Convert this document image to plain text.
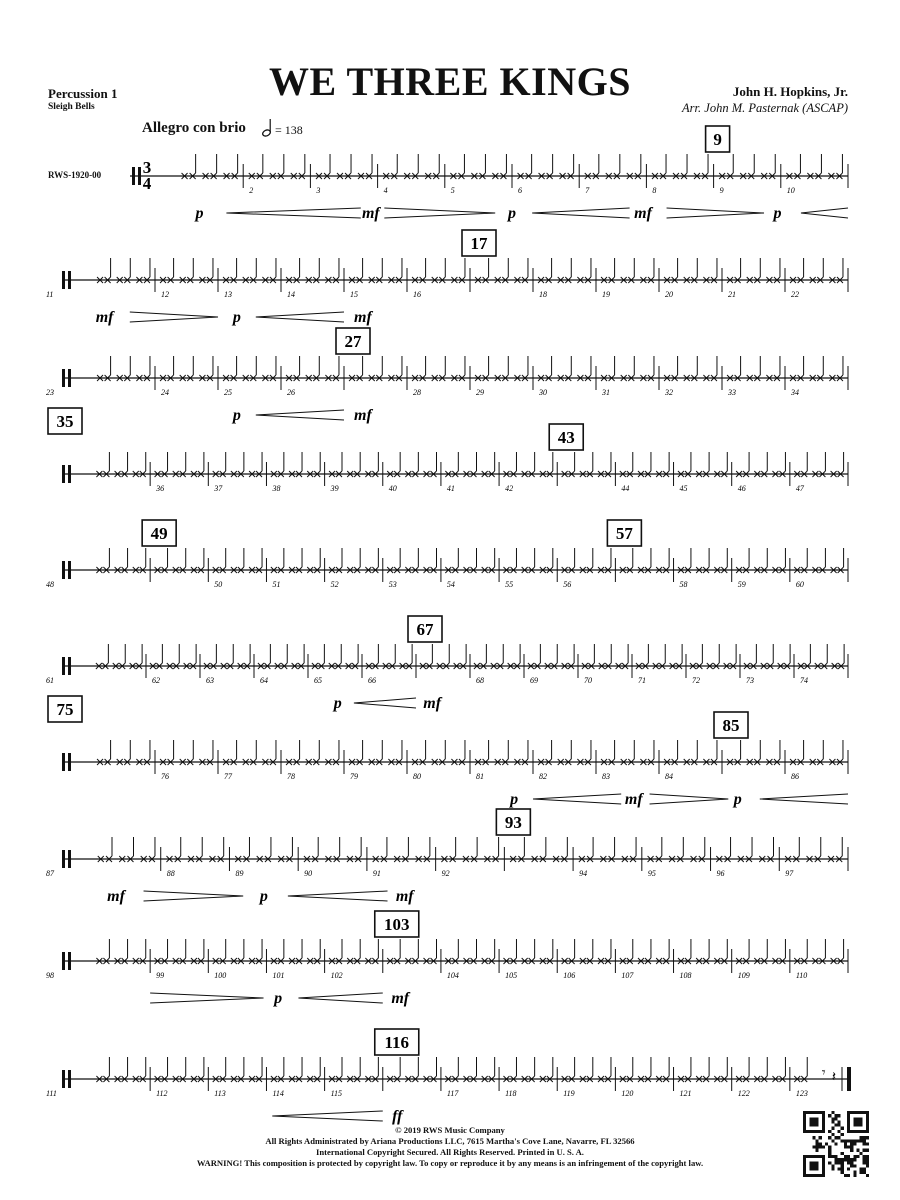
WE THREE KINGS
Percussion 1
Sleigh Bells
John H. Hopkins, Jr.
Arr. John M. Pasternak (ASCAP)
Allegro con brio = 138
RWS-1920-00 3
4	2	3	4	5	6	7	8	9	10
9
p	mf	p	mf	p
11	12	13	14	15	16	18	19	20	21	22
17
mf	p	mf
23	24	25	26	28	29	30	31	32	33	34
27
p	mf
36	37	38	39	40	41	42	44	45	46	47
35
43
48	50	51	52	53	54	55	56	58	59	60
49	57
61	62	63	64	65	66	68	69	70	71	72	73	74
67
p	mf
76	77	78	79	80	81	82	83	84	86
75
85
p	mf	p
87	88	89	90	91	92	94	95	96	97
93
mf	p	mf
98	99	100	101	102	104	105	106	107	108	109	110
103
p	mf
111	112	113	114	115	117	118	119	120	121	122
𝄾 𝄽
123
116
ff
© 2019 RWS Music Company
All Rights Administrated by Ariana Productions LLC, 7615 Martha's Cove Lane, Navarre, FL 32566
International Copyright Secured. All Rights Reserved. Printed in U. S. A.
WARNING! This composition is protected by copyright law. To copy or reproduce it by any means is an infringement of the copyright law.
